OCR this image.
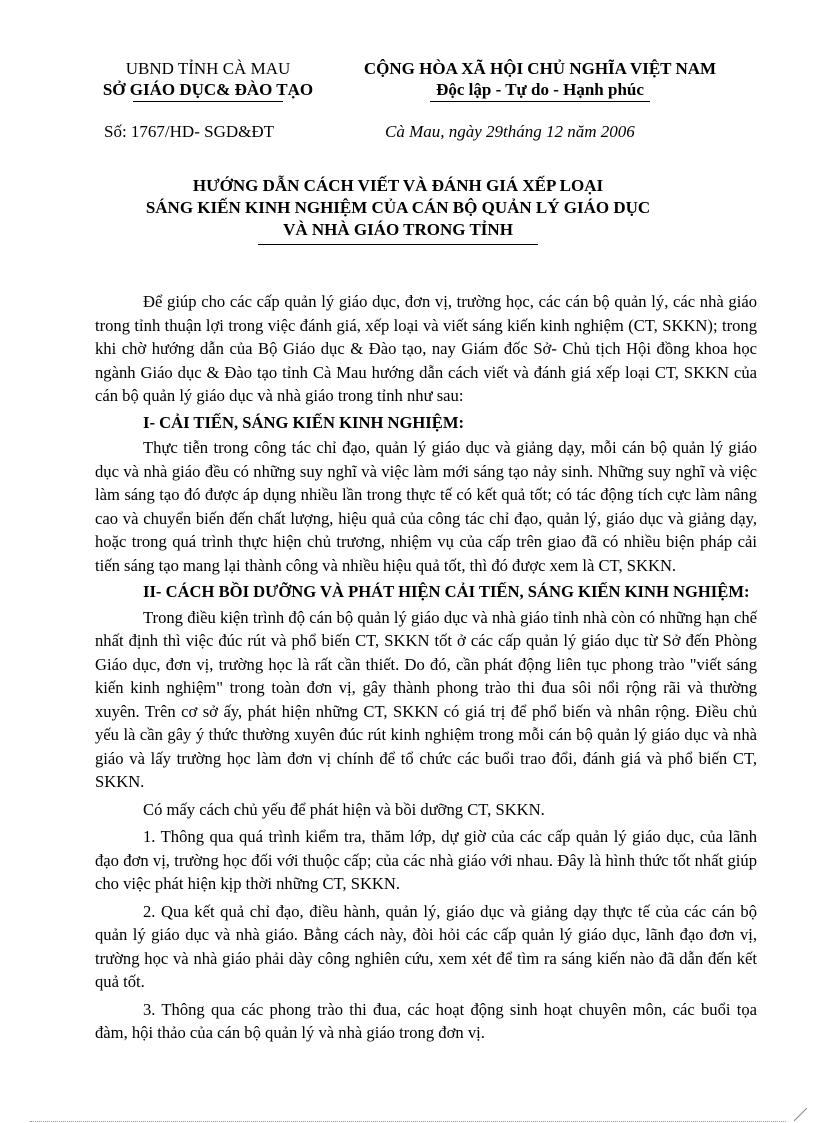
UBND TỈNH CÀ MAU
SỞ GIÁO DỤC& ĐÀO TẠO
CỘNG HÒA XÃ HỘI CHỦ NGHĨA VIỆT NAM
Độc lập - Tự do - Hạnh phúc
Số: 1767/HD- SGD&ĐT	Cà Mau, ngày 29tháng 12 năm 2006
HƯỚNG DẪN CÁCH VIẾT VÀ ĐÁNH GIÁ XẾP LOẠI
SÁNG KIẾN KINH NGHIỆM CỦA CÁN BỘ QUẢN LÝ GIÁO DỤC
VÀ NHÀ GIÁO TRONG TỈNH

Để giúp cho các cấp quản lý giáo dục, đơn vị, trường học, các cán bộ quản lý, các nhà giáo trong tỉnh thuận lợi trong việc đánh giá, xếp loại và viết sáng kiến kinh nghiệm (CT, SKKN); trong khi chờ hướng dẫn của Bộ Giáo dục & Đào tạo, nay Giám đốc Sở- Chủ tịch Hội đồng khoa học ngành Giáo dục & Đào tạo tỉnh Cà Mau hướng dẫn cách viết và đánh giá xếp loại CT, SKKN của cán bộ quản lý giáo dục và nhà giáo trong tỉnh như sau:

I- CẢI TIẾN, SÁNG KIẾN KINH NGHIỆM:

Thực tiễn trong công tác chỉ đạo, quản lý giáo dục và giảng dạy, mỗi cán bộ quản lý giáo dục và nhà giáo đều có những suy nghĩ và việc làm mới sáng tạo nảy sinh. Những suy nghĩ và việc làm sáng tạo đó được áp dụng nhiều lần trong thực tế có kết quả tốt; có tác động tích cực làm nâng cao và chuyển biến đến chất lượng, hiệu quả của công tác chỉ đạo, quản lý, giáo dục và giảng dạy, hoặc trong quá trình thực hiện chủ trương, nhiệm vụ của cấp trên giao đã có nhiều biện pháp cải tiến sáng tạo mang lại thành công và nhiều hiệu quả tốt, thì đó được xem là CT, SKKN.

II- CÁCH BỒI DƯỠNG VÀ PHÁT HIỆN CẢI TIẾN, SÁNG KIẾN KINH NGHIỆM:

Trong điều kiện trình độ cán bộ quản lý giáo dục và nhà giáo tỉnh nhà còn có những hạn chế nhất định thì việc đúc rút và phổ biến CT, SKKN tốt ở các cấp quản lý giáo dục từ Sở đến Phòng Giáo dục, đơn vị, trường học là rất cần thiết. Do đó, cần phát động liên tục phong trào "viết sáng kiến kinh nghiệm" trong toàn đơn vị, gây thành phong trào thi đua sôi nổi rộng rãi và thường xuyên. Trên cơ sở ấy, phát hiện những CT, SKKN có giá trị để phổ biến và nhân rộng. Điều chủ yếu là cần gây ý thức thường xuyên đúc rút kinh nghiệm trong mỗi cán bộ quản lý giáo dục và nhà giáo và lấy trường học làm đơn vị chính để tổ chức các buổi trao đổi, đánh giá và phổ biến CT, SKKN.

Có mấy cách chủ yếu để phát hiện và bồi dưỡng CT, SKKN.

1. Thông qua quá trình kiểm tra, thăm lớp, dự giờ của các cấp quản lý giáo dục, của lãnh đạo đơn vị, trường học đối với thuộc cấp; của các nhà giáo với nhau. Đây là hình thức tốt nhất giúp cho việc phát hiện kịp thời những CT, SKKN.

2. Qua kết quả chỉ đạo, điều hành, quản lý, giáo dục và giảng dạy thực tế của các cán bộ quản lý giáo dục và nhà giáo. Bằng cách này, đòi hỏi các cấp quản lý giáo dục, lãnh đạo đơn vị, trường học và nhà giáo phải dày công nghiên cứu, xem xét để tìm ra sáng kiến nào đã dẫn đến kết quả tốt.

3. Thông qua các phong trào thi đua, các hoạt động sinh hoạt chuyên môn, các buổi tọa đàm, hội thảo của cán bộ quản lý và nhà giáo trong đơn vị.
